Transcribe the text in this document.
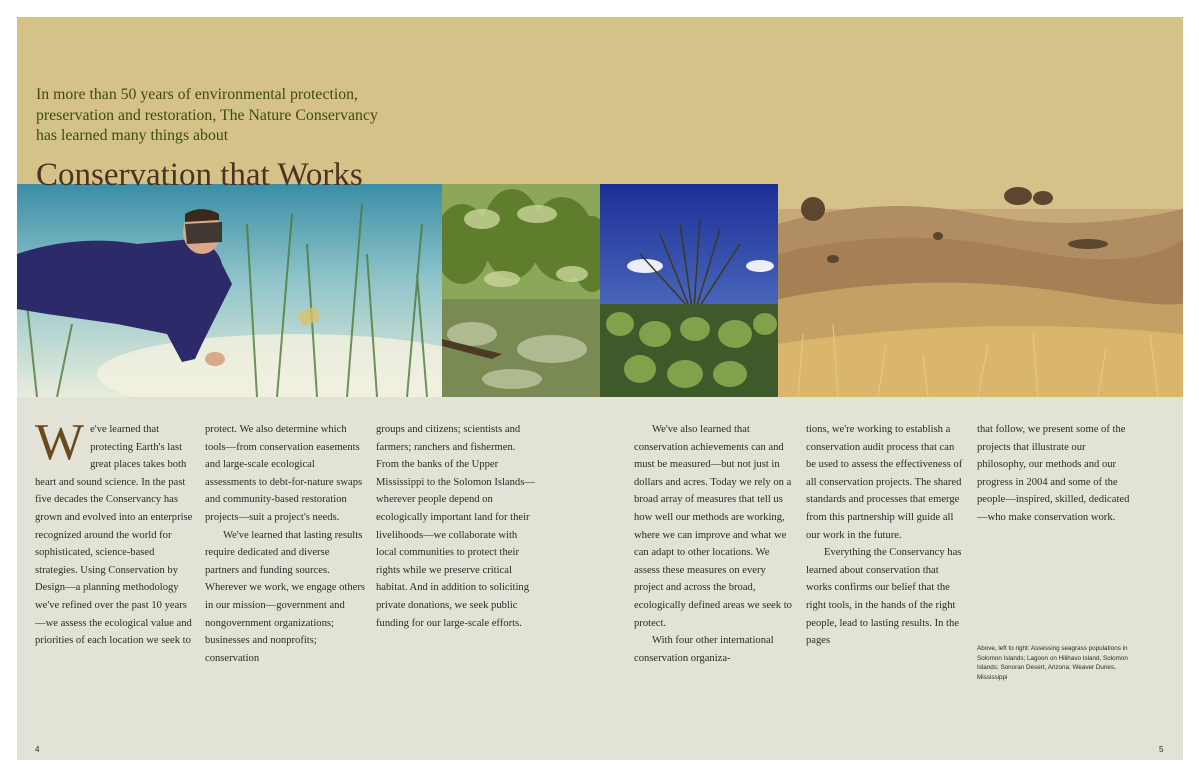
In more than 50 years of environmental protection,
preservation and restoration, The Nature Conservancy
has learned many things about
Conservation that Works
W e've learned that protecting Earth's last great places takes both heart and sound science. In the past five decades the Conservancy has grown and evolved into an enterprise recognized around the world for sophisticated, science-based strategies. Using Conservation by Design—a planning methodology we've refined over the past 10 years—we assess the ecological value and priorities of each location we seek to

protect. We also determine which tools—from conservation easements and large-scale ecological assessments to debt-for-nature swaps and community-based restoration projects—suit a project's needs.

We've learned that lasting results require dedicated and diverse partners and funding sources. Wherever we work, we engage others in our mission—government and nongovernment organizations; businesses and nonprofits; conservation

groups and citizens; scientists and farmers; ranchers and fishermen. From the banks of the Upper Mississippi to the Solomon Islands—wherever people depend on ecologically important land for their livelihoods—we collaborate with local communities to protect their rights while we preserve critical habitat. And in addition to soliciting private donations, we seek public funding for our large-scale efforts.

We've also learned that conservation achievements can and must be measured—but not just in dollars and acres. Today we rely on a broad array of measures that tell us how well our methods are working, where we can improve and what we can adapt to other locations. We assess these measures on every project and across the broad, ecologically defined areas we seek to protect.

With four other international conservation organiza-

tions, we're working to establish a conservation audit process that can be used to assess the effectiveness of all conservation projects. The shared standards and processes that emerge from this partnership will guide all our work in the future.

Everything the Conservancy has learned about conservation that works confirms our belief that the right tools, in the hands of the right people, lead to lasting results. In the pages

that follow, we present some of the projects that illustrate our philosophy, our methods and our progress in 2004 and some of the people—inspired, skilled, dedicated—who make conservation work.

Above, left to right: Assessing seagrass populations in Solomon Islands; Lagoon on Hilihavo Island, Solomon Islands; Sonoran Desert, Arizona; Weaver Dunes, Mississippi
4	5
